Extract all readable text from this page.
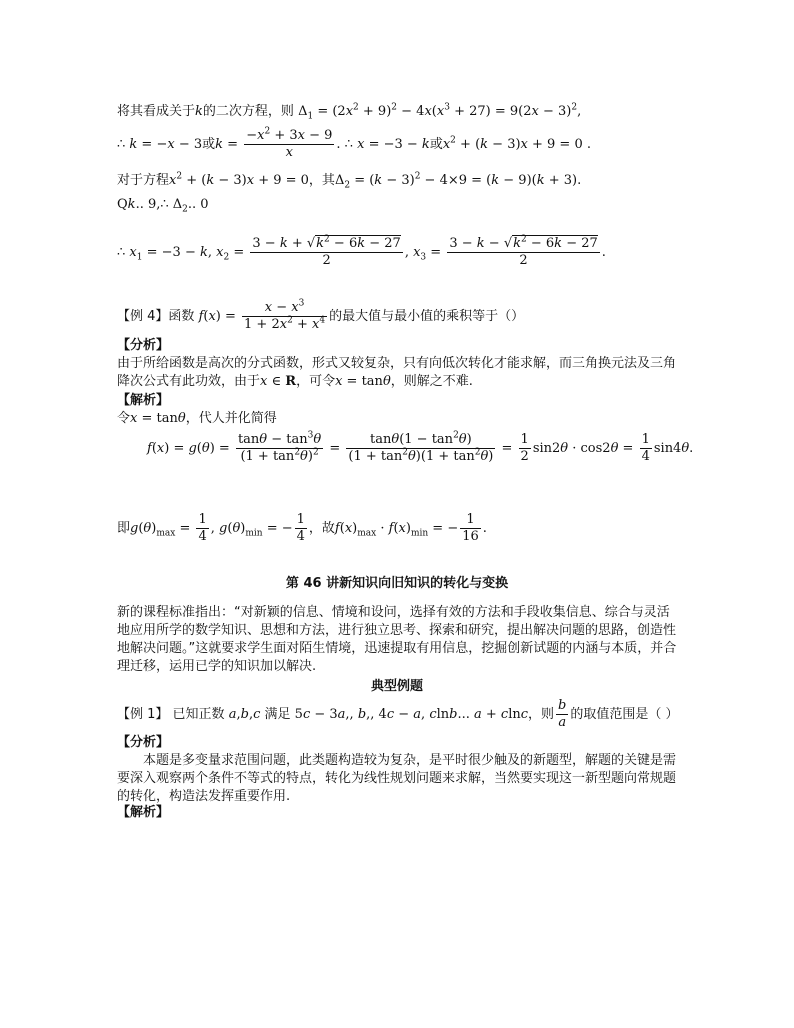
将其看成关于k的二次方程，则 $\Delta_1 = (2x^2 + 9)^2 - 4x(x^3 + 27) = 9(2x - 3)^2$,
∴ k = −x − 3或$k = \frac{-x^2 + 3x - 9}{x}$ . ∴ x = −3 − k或$x^2 + (k - 3)x + 9 = 0$ .
对于方程$x^2 + (k - 3)x + 9 = 0$，其$\Delta_2 = (k - 3)^2 - 4\times 9 = (k - 9)(k + 3)$.
Qk.. 9,∴ $\Delta_2$.. 0
∴ $x_1 = -3 - k$, $x_2 = \frac{3 - k + √k^2 - 6k - 27}{2}$ , $x_3 = \frac{3 - k - √k^2 - 6k - 27}{2}$ .
【例 4】函数 $f(x) = \frac{x - x^3}{1 + 2x^2 + x^4}$ 的最大值与最小值的乘积等于（）
【分析】
由于所给函数是高次的分式函数，形式又较复杂，只有向低次转化才能求解，而三角换元法及三角降次公式有此功效，由于x ∈ R，可令x = tanθ，则解之不难.
【解析】
令x = tanθ，代人并化简得
$f(x) = g(\theta) = \frac{\tan\theta - \tan^3\theta}{(1 + \tan^2\theta)^2} = \frac{\tan\theta(1 - \tan^2\theta)}{(1 + \tan^2\theta)(1 + \tan^2\theta)} = \frac{1}{2} \sin 2\theta \cdot \cos 2\theta = \frac{1}{4} \sin 4\theta$.
即$g(\theta)_{max} = \frac{1}{4}$ , $g(\theta)_{min}$ = − $\frac{1}{4}$ ，故$f(x)_{max} \cdot f(x)_{min}$ = − $\frac{1}{16}$ .
第 46 讲新知识向旧知识的转化与变换
新的课程标准指出：“对新颖的信息、情境和设问，选择有效的方法和手段收集信息、综合与灵活地应用所学的数学知识、思想和方法，进行独立思考、探索和研究，提出解决问题的思路，创造性地解决问题。”这就要求学生面对陌生情境，迅速提取有用信息，挖掘创新试题的内涵与本质，并合理迁移，运用已学的知识加以解决.
典型例题
【例 1】 已知正数 a,b,c 满足 5c − 3a,, b,, 4c − a, clnb... a + clnc，则 $\frac{b}{a}$ 的取值范围是（ ）
【分析】
本题是多变量求范围问题，此类题构造较为复杂，是平时很少触及的新题型，解题的关键是需要深入观察两个条件不等式的特点，转化为线性规划问题来求解，当然要实现这一新型题向常规题的转化，构造法发挥重要作用.
【解析】
